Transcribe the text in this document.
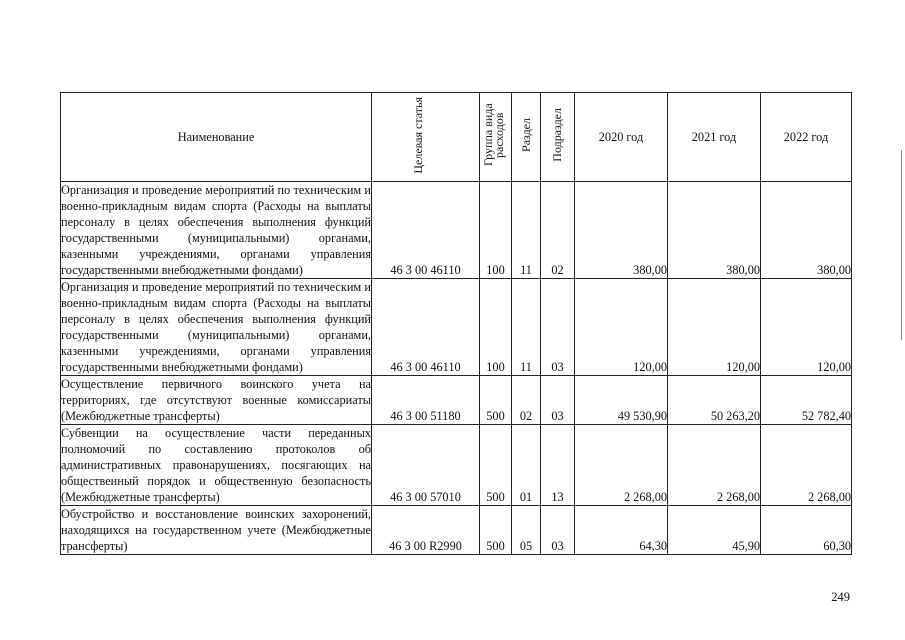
Наименование	Целевая статья	Группа вида расходов	Раздел	Подраздел	2020 год	2021 год	2022 год
Организация и проведение мероприятий по техническим и военно-прикладным видам спорта (Расходы на выплаты персоналу в целях обеспечения выполнения функций государственными (муниципальными) органами, казенными учреждениями, органами управления государственными внебюджетными фондами)	46 3 00 46110	100	11	02	380,00	380,00	380,00
Организация и проведение мероприятий по техническим и военно-прикладным видам спорта (Расходы на выплаты персоналу в целях обеспечения выполнения функций государственными (муниципальными) органами, казенными учреждениями, органами управления государственными внебюджетными фондами)	46 3 00 46110	100	11	03	120,00	120,00	120,00
Осуществление первичного воинского учета на территориях, где отсутствуют военные комиссариаты (Межбюджетные трансферты)	46 3 00 51180	500	02	03	49 530,90	50 263,20	52 782,40
Субвенции на осуществление части переданных полномочий по составлению протоколов об административных правонарушениях, посягающих на общественный порядок и общественную безопасность (Межбюджетные трансферты)	46 3 00 57010	500	01	13	2 268,00	2 268,00	2 268,00
Обустройство и восстановление воинских захоронений, находящихся на государственном учете (Межбюджетные трансферты)	46 3 00 R2990	500	05	03	64,30	45,90	60,30
249
